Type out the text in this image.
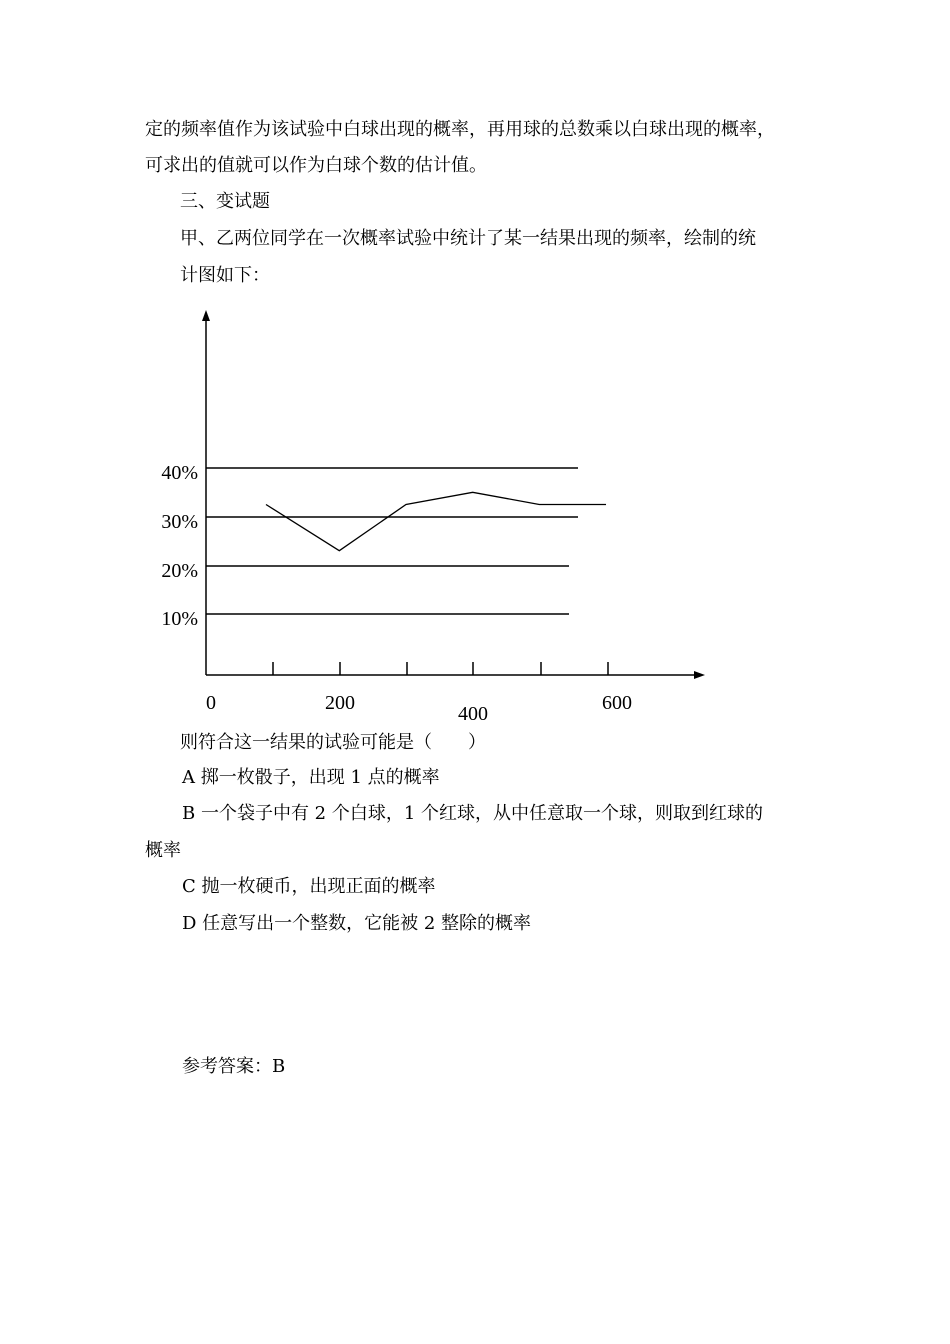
定的频率值作为该试验中白球出现的概率，再用球的总数乘以白球出现的概率，
可求出的值就可以作为白球个数的估计值。
三、变试题
甲、乙两位同学在一次概率试验中统计了某一结果出现的频率，绘制的统
计图如下：
40%
30%
20%
10%
0	200	400	600
则符合这一结果的试验可能是（　　）
A 掷一枚骰子，出现 1 点的概率
B 一个袋子中有 2 个白球，1 个红球，从中任意取一个球，则取到红球的
概率
C 抛一枚硬币，出现正面的概率
D 任意写出一个整数，它能被 2 整除的概率
参考答案：B
